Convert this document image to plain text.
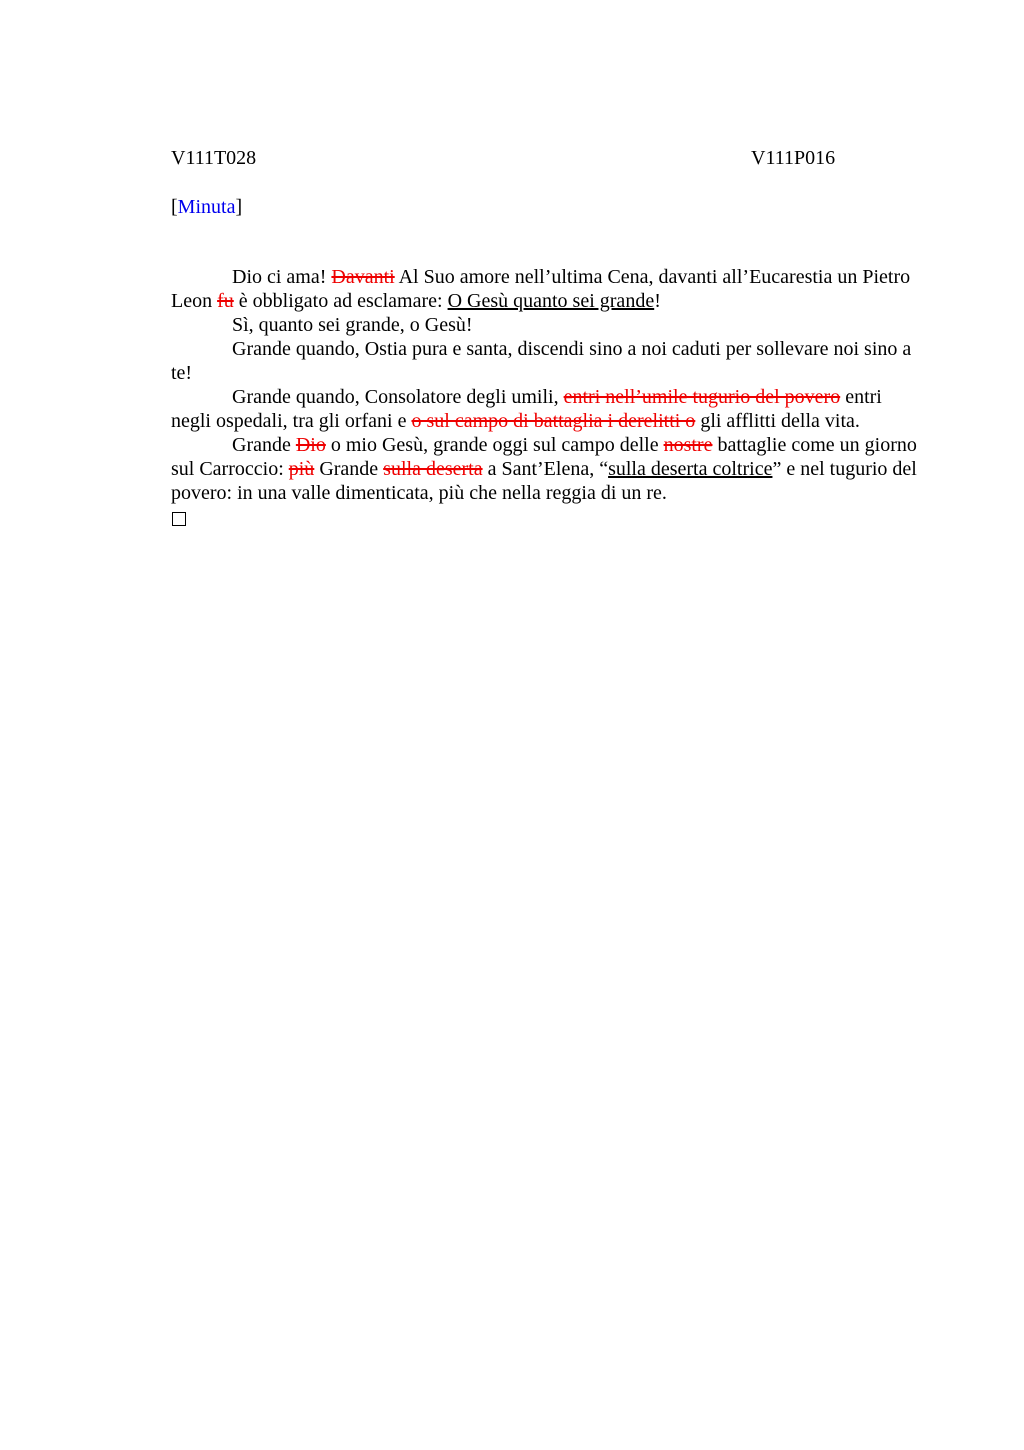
V111T028	V111P016
[Minuta]

Dio ci ama! Davanti Al Suo amore nell’ultima Cena, davanti all’Eucarestia un Pietro Leon fu è obbligato ad esclamare: O Gesù quanto sei grande!

Sì, quanto sei grande, o Gesù!

Grande quando, Ostia pura e santa, discendi sino a noi caduti per sollevare noi sino a te!

Grande quando, Consolatore degli umili, entri nell’umile tugurio del povero entri negli ospedali, tra gli orfani e o sul campo di battaglia i derelitti o gli afflitti della vita.

Grande Dio o mio Gesù, grande oggi sul campo delle nostre battaglie come un giorno sul Carroccio: più Grande sulla deserta a Sant’Elena, “sulla deserta coltrice” e nel tugurio del povero: in una valle dimenticata, più che nella reggia di un re.
